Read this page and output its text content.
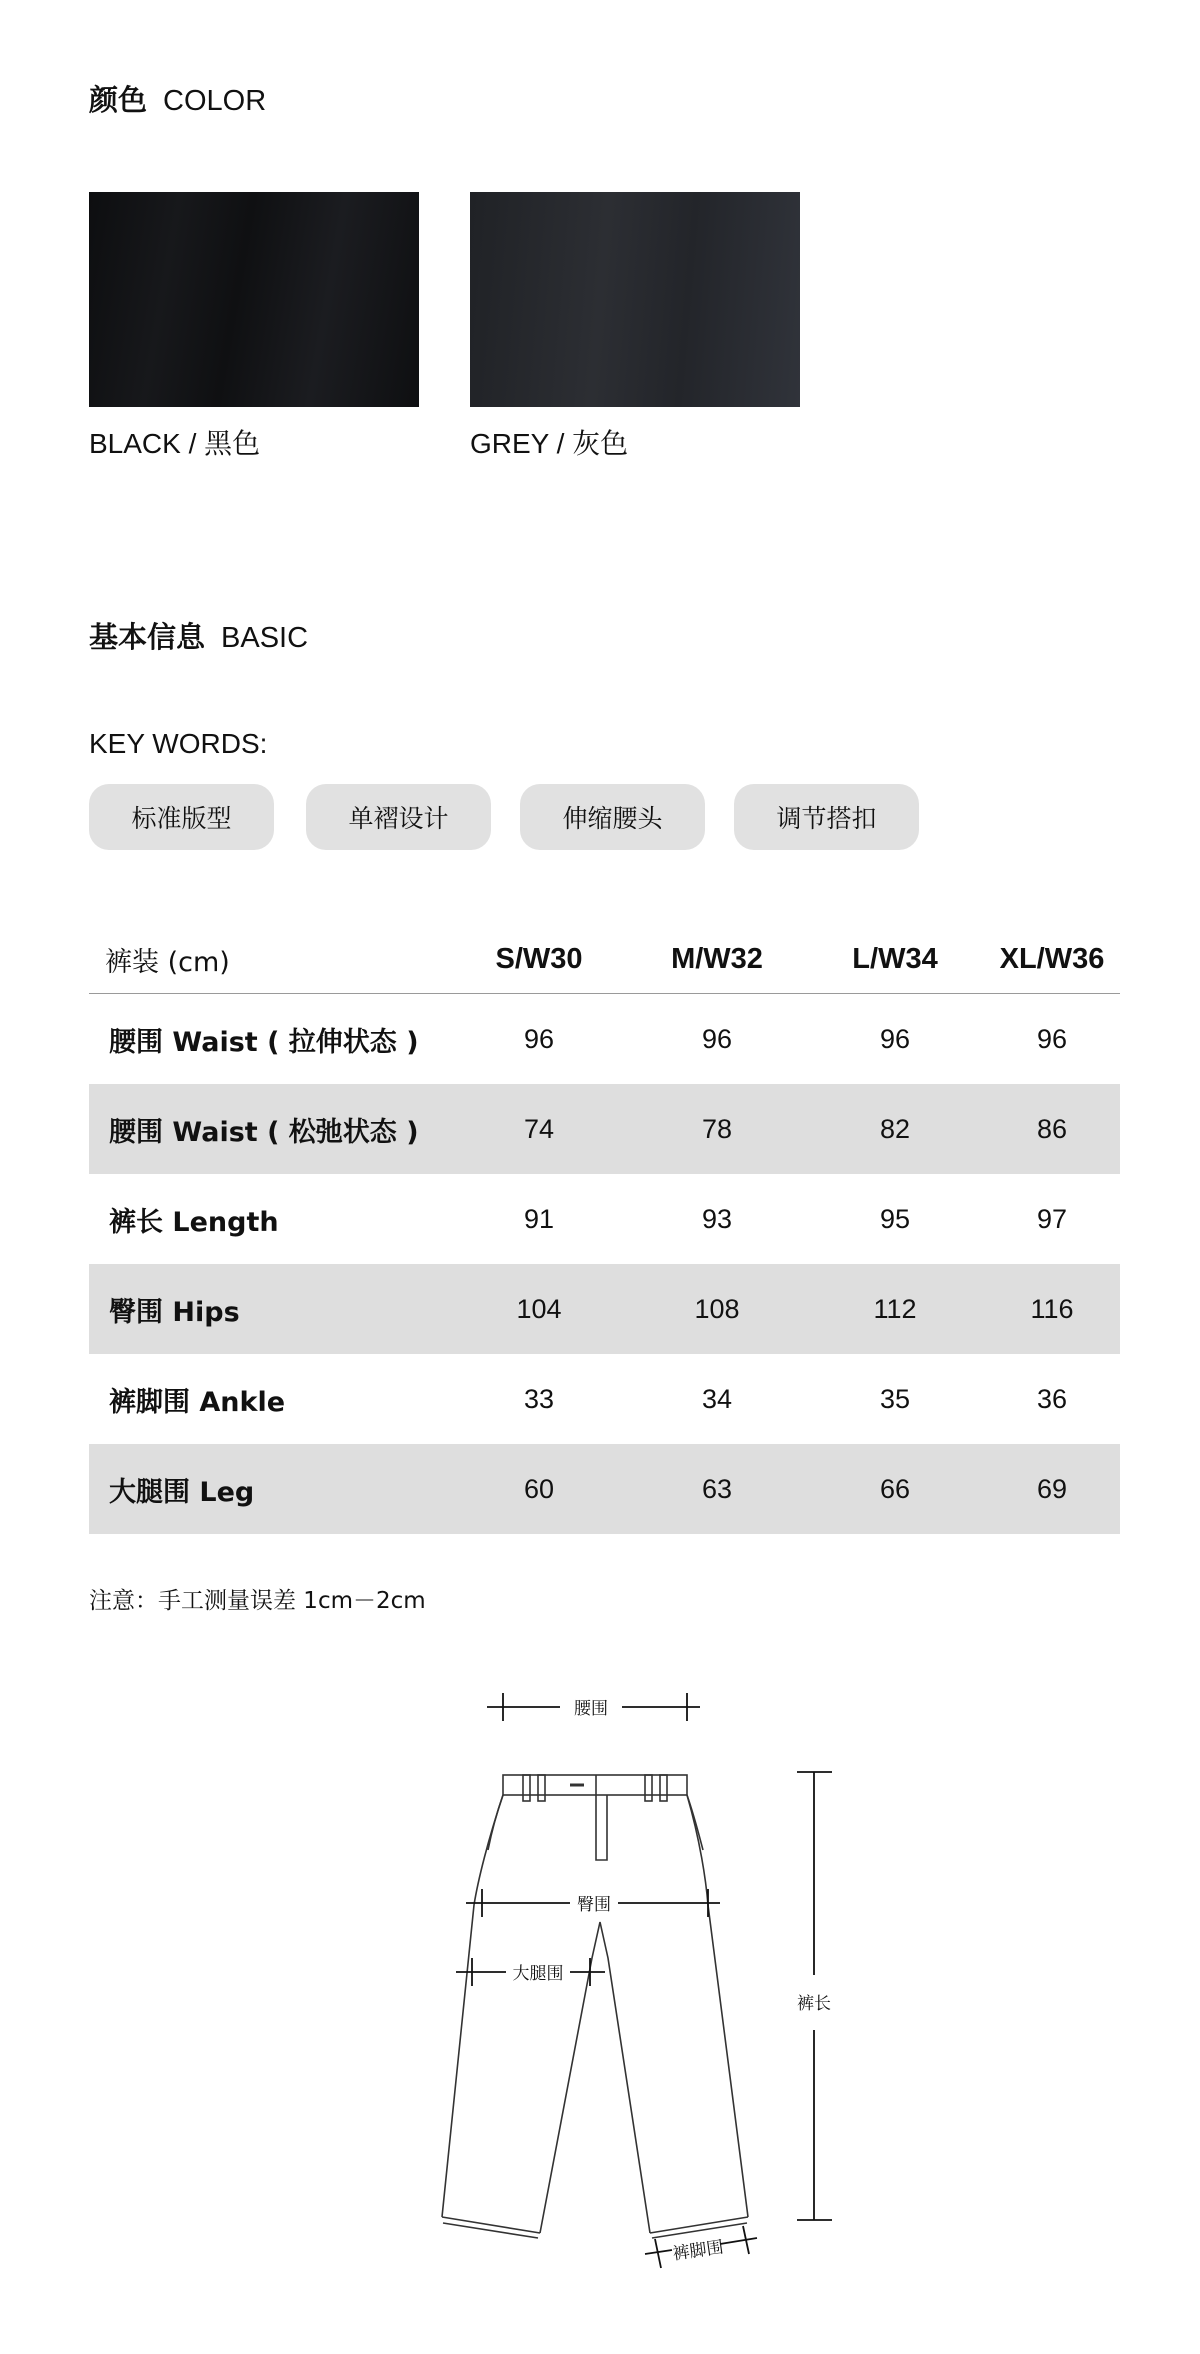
颜色 COLOR
BLACK / 黑色	GREY / 灰色
基本信息 BASIC
KEY WORDS:
标准版型	单褶设计	伸缩腰头	调节搭扣
裤装 (cm)	S/W30	M/W32	L/W34	XL/W36
腰围 Waist ( 拉伸状态 )	96	96	96	96
腰围 Waist ( 松弛状态 )	74	78	82	86
裤长 Length	91	93	95	97
臀围 Hips	104	108	112	116
裤脚围 Ankle	33	34	35	36
大腿围 Leg	60	63	66	69
注意：手工测量误差 1cm－2cm
腰围
臀围
大腿围
裤长
裤脚围
